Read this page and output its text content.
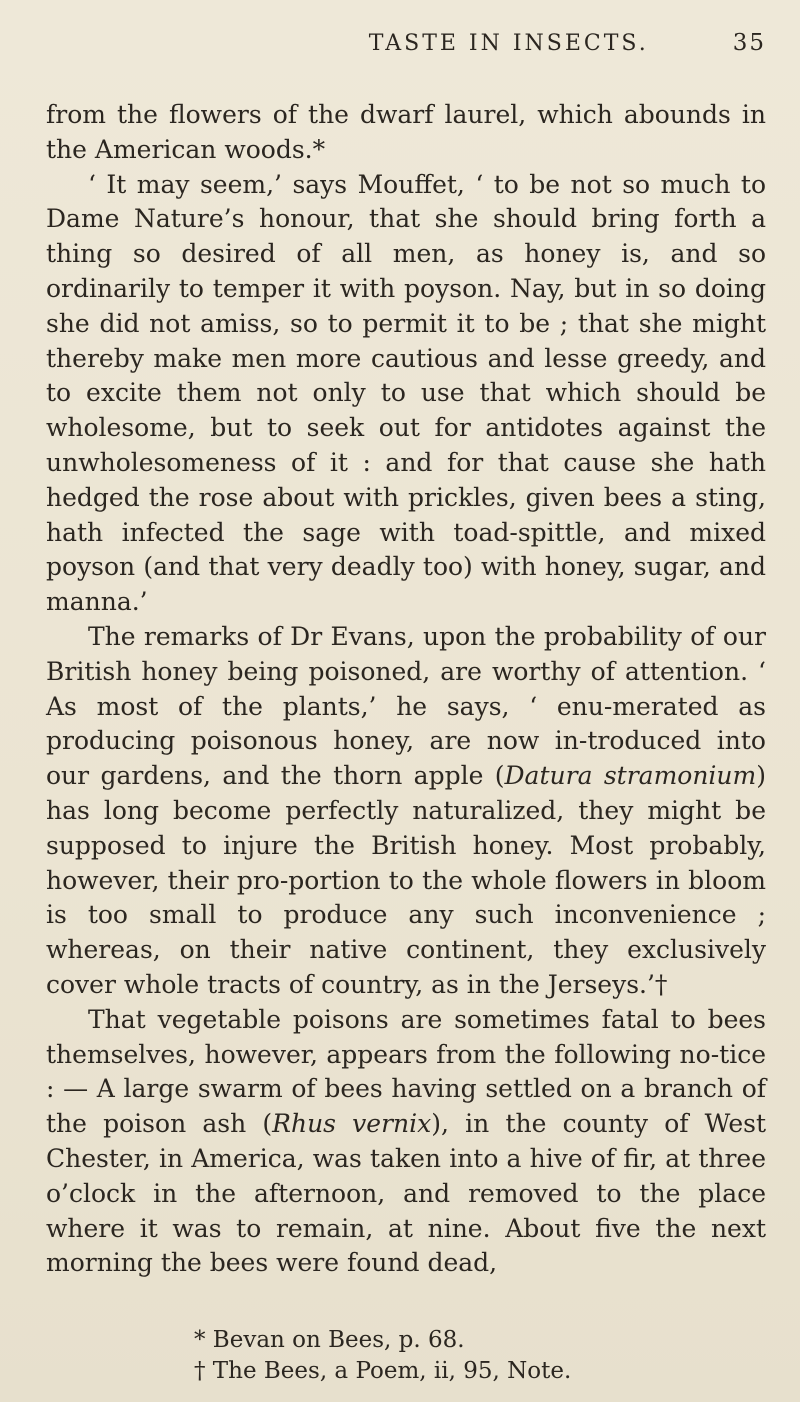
TASTE IN INSECTS.	35

from the flowers of the dwarf laurel, which abounds in the American woods.*

‘ It may seem,’ says Mouffet, ‘ to be not so much to Dame Nature’s honour, that she should bring forth a thing so desired of all men, as honey is, and so ordinarily to temper it with poyson. Nay, but in so doing she did not amiss, so to permit it to be ; that she might thereby make men more cautious and lesse greedy, and to excite them not only to use that which should be wholesome, but to seek out for antidotes against the unwholesomeness of it : and for that cause she hath hedged the rose about with prickles, given bees a sting, hath infected the sage with toad-spittle, and mixed poyson (and that very deadly too) with honey, sugar, and manna.’

The remarks of Dr Evans, upon the probability of our British honey being poisoned, are worthy of attention. ‘ As most of the plants,’ he says, ‘ enu-merated as producing poisonous honey, are now in-troduced into our gardens, and the thorn apple (Datura stramonium) has long become perfectly naturalized, they might be supposed to injure the British honey. Most probably, however, their pro-portion to the whole flowers in bloom is too small to produce any such inconvenience ; whereas, on their native continent, they exclusively cover whole tracts of country, as in the Jerseys.’†

That vegetable poisons are sometimes fatal to bees themselves, however, appears from the following no-tice : — A large swarm of bees having settled on a branch of the poison ash (Rhus vernix), in the county of West Chester, in America, was taken into a hive of fir, at three o’clock in the afternoon, and removed to the place where it was to remain, at nine. About five the next morning the bees were found dead,

* Bevan on Bees, p. 68.
† The Bees, a Poem, ii, 95, Note.
